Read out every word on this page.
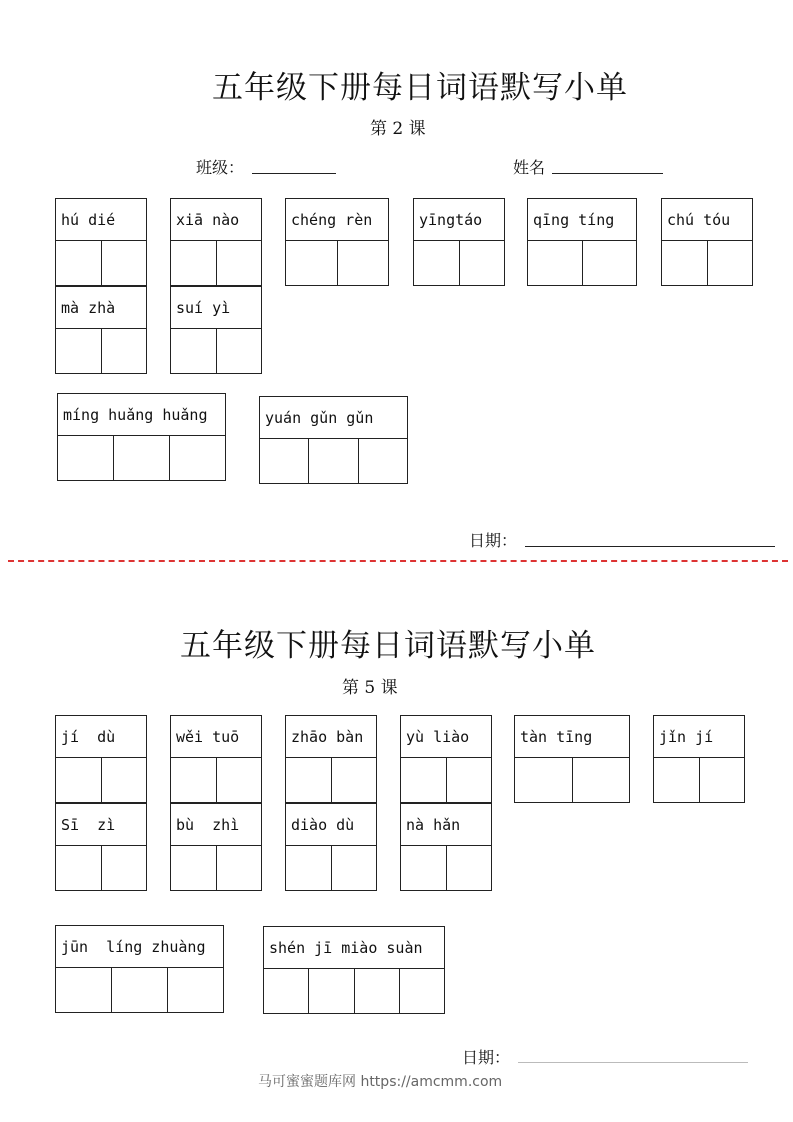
五年级下册每日词语默写小单
第 2 课
班级：	姓名
hú dié	xiā nào	chéng rèn	yīngtáo	qīng tíng	chú tóu
mà zhà	suí yì
míng huǎng huǎng	yuán gǔn gǔn
日期：
五年级下册每日词语默写小单
第 5 课
jí  dù	wěi tuō	zhāo bàn	yù liào	tàn tīng	jǐn jí
Sī  zì	bù  zhì	diào dù	nà hǎn
jūn  líng zhuàng	shén jī miào suàn
日期：
马可蜜蜜题库网 https://amcmm.com
